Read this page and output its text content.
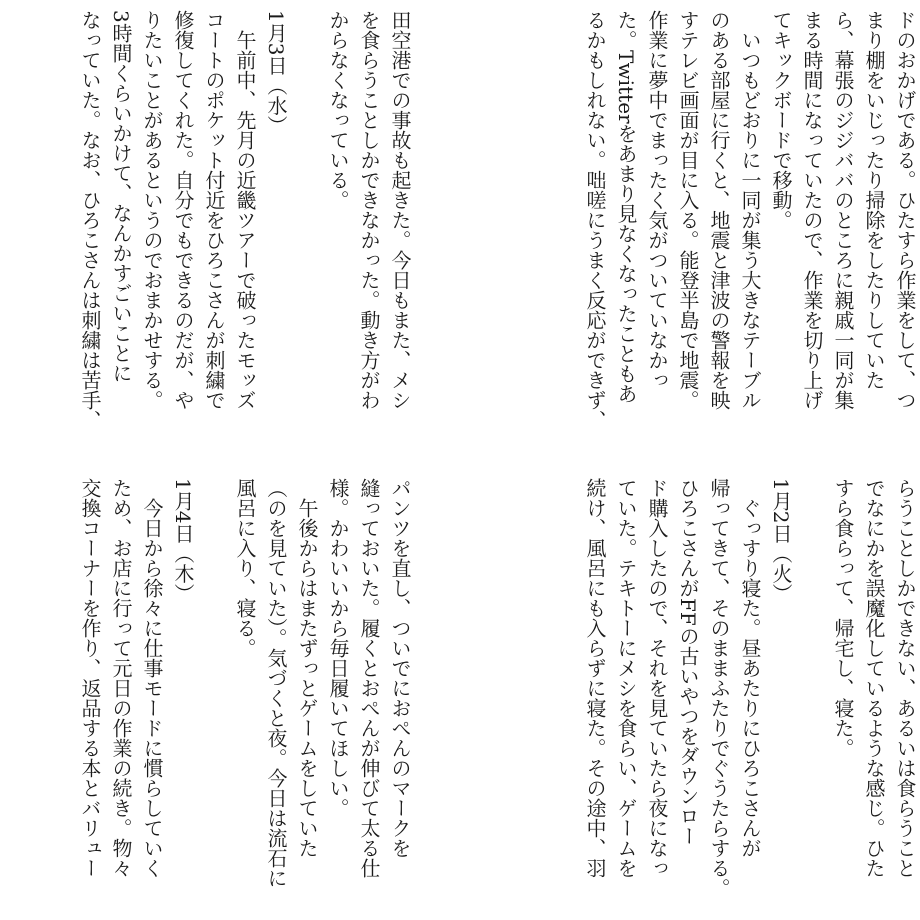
ドのおかげである。ひたすら作業をして、つ
まり棚をいじったり掃除をしたりしていた
ら、幕張のジジババのところに親戚一同が集
まる時間になっていたので、作業を切り上げ
てキックボードで移動。
　いつもどおりに一同が集う大きなテーブル
のある部屋に行くと、地震と津波の警報を映
すテレビ画面が目に入る。能登半島で地震。
作業に夢中でまったく気がついていなかっ
た。Twitterをあまり見なくなったこともあ
るかもしれない。咄嗟にうまく反応ができず、
田空港での事故も起きた。今日もまた、メシ
を食らうことしかできなかった。動き方がわ
からなくなっている。

1月3日（水）
　午前中、先月の近畿ツアーで破ったモッズ
コートのポケット付近をひろこさんが刺繍で
修復してくれた。自分でもできるのだが、や
りたいことがあるというのでおまかせする。
3時間くらいかけて、なんかすごいことに
なっていた。なお、ひろこさんは刺繍は苦手、
らうことしかできない、あるいは食らうこと
でなにかを誤魔化しているような感じ。ひた
すら食らって、帰宅し、寝た。

1月2日（火）
　ぐっすり寝た。昼あたりにひろこさんが
帰ってきて、そのままふたりでぐうたらする。
ひろこさんがFFの古いやつをダウンロー
ド購入したので、それを見ていたら夜になっ
ていた。テキトーにメシを食らい、ゲームを
続け、風呂にも入らずに寝た。その途中、羽
パンツを直し、ついでにおぺんのマークを
縫っておいた。履くとおぺんが伸びて太る仕
様。かわいいから毎日履いてほしい。
　午後からはまたずっとゲームをしていた
（のを見ていた）。気づくと夜。今日は流石に
風呂に入り、寝る。

1月4日（木）
　今日から徐々に仕事モードに慣らしていく
ため、お店に行って元日の作業の続き。物々
交換コーナーを作り、返品する本とバリュー
